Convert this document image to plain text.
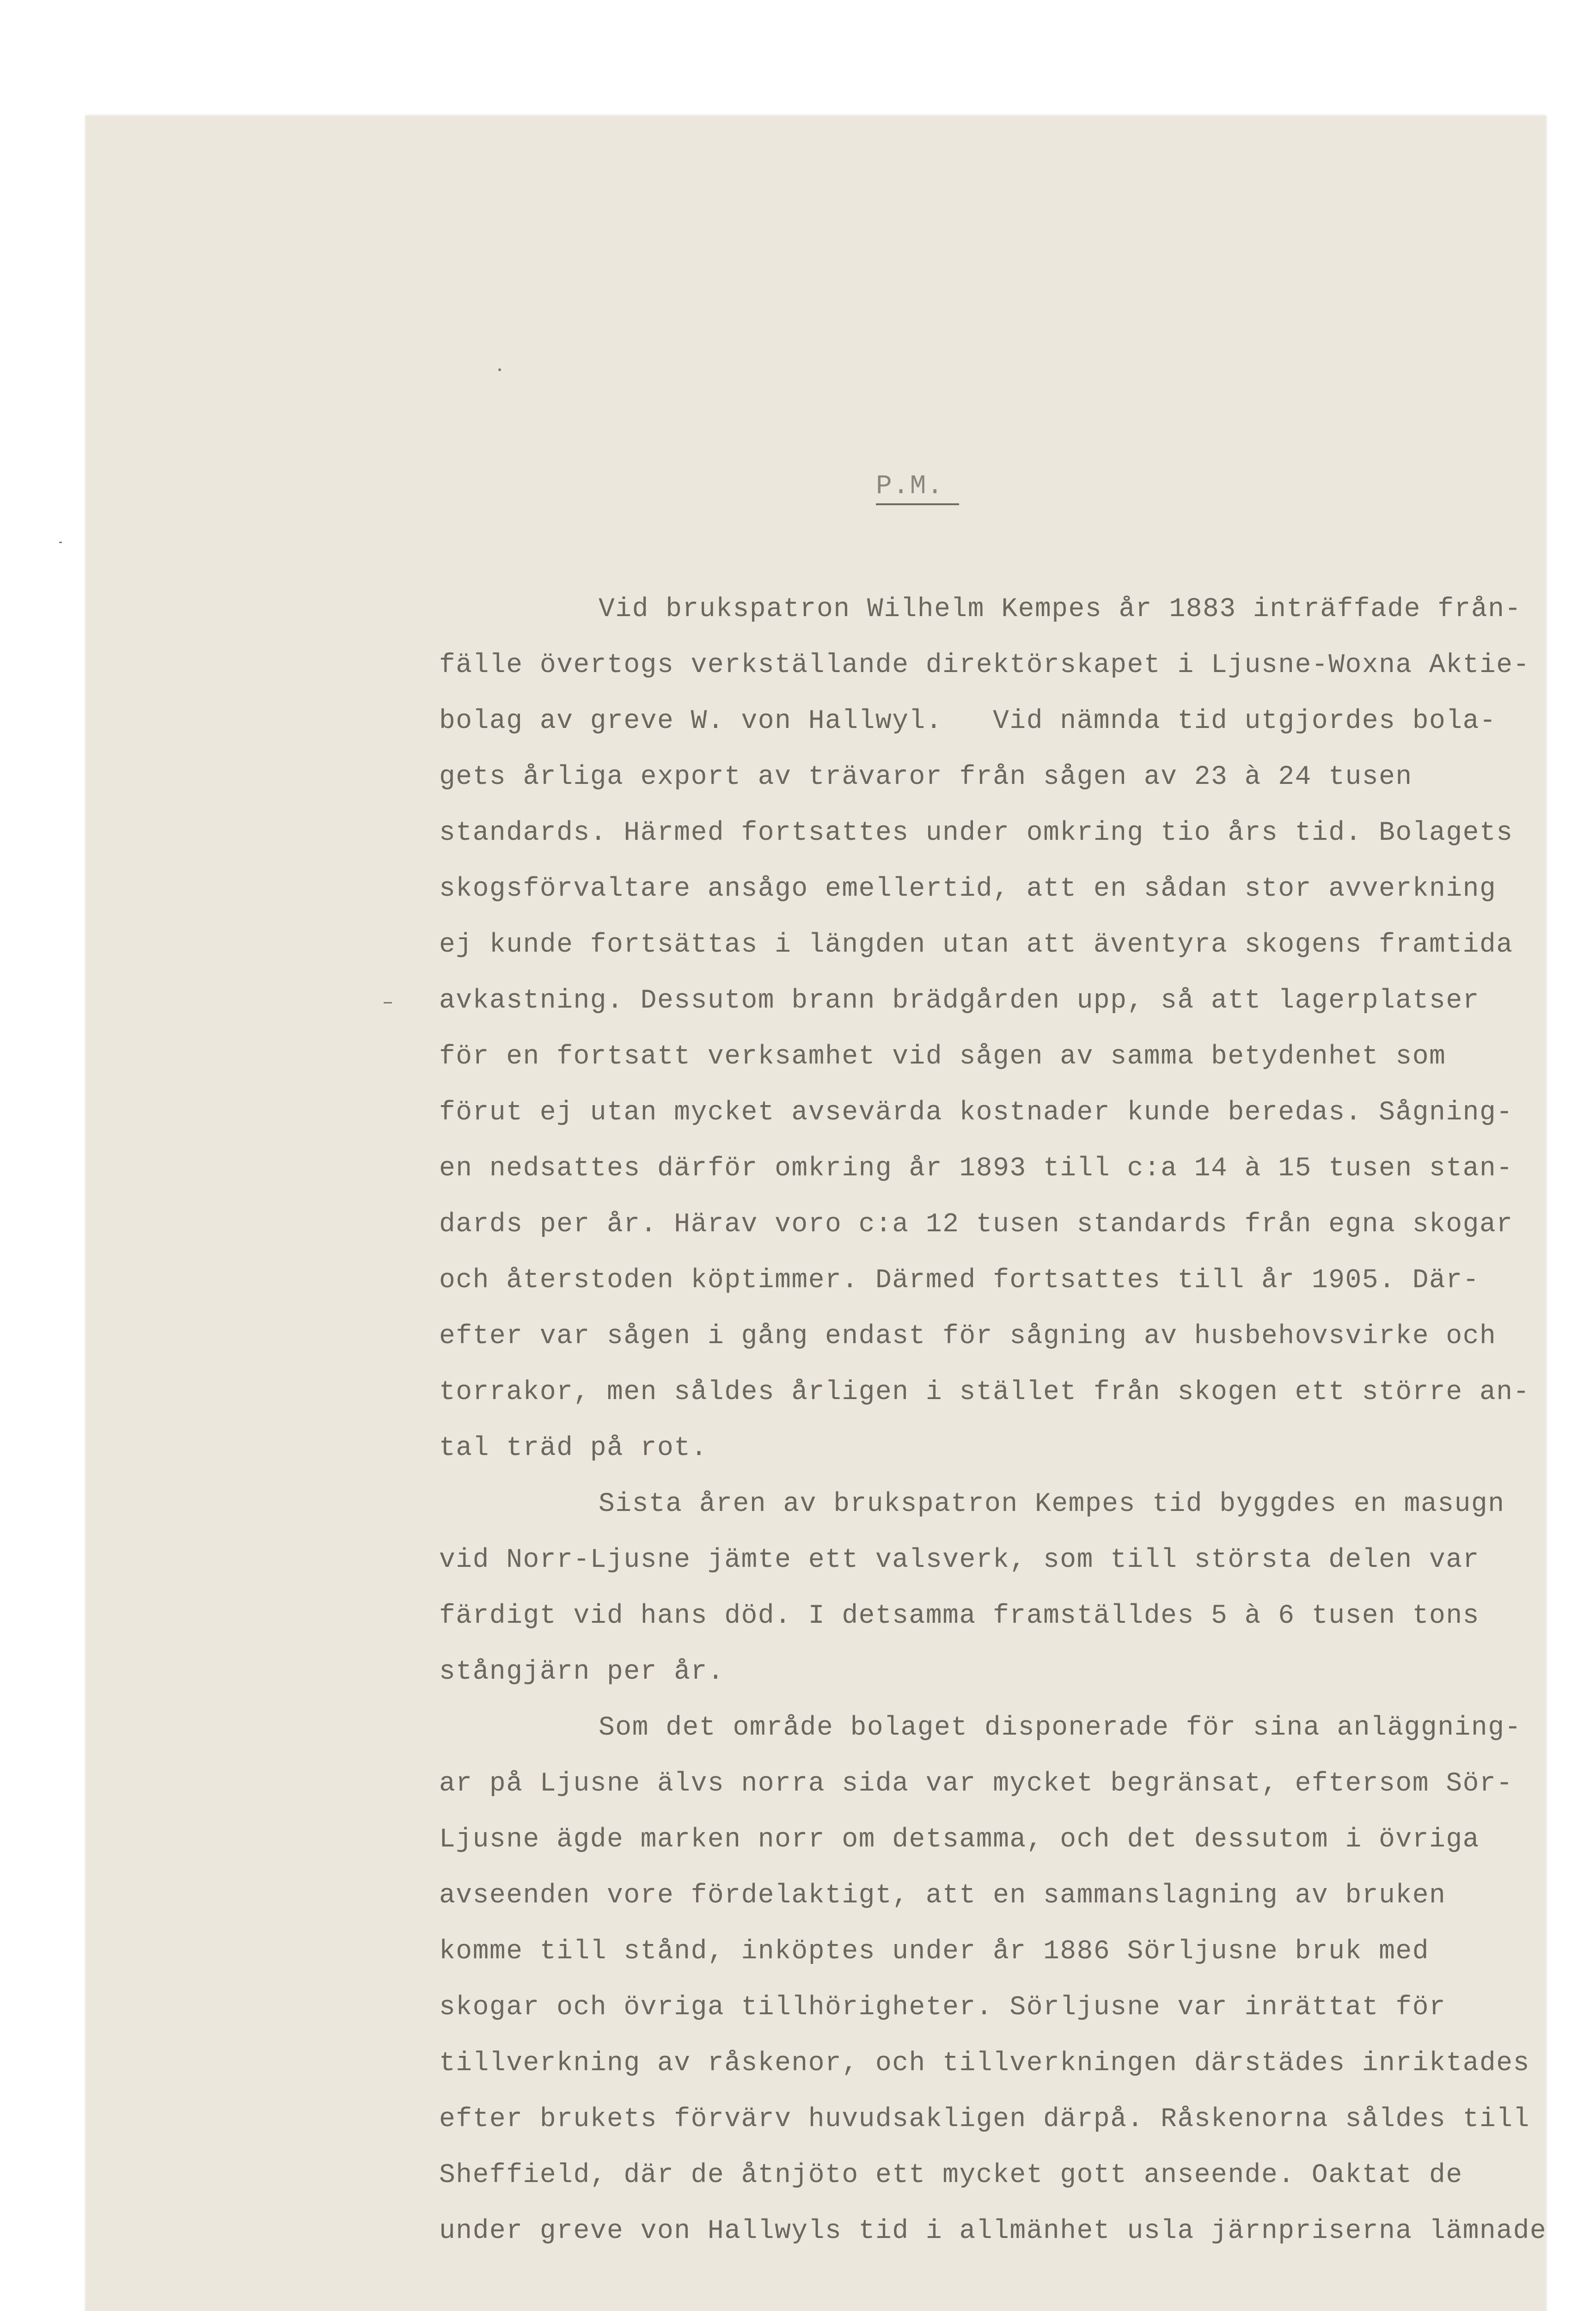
P.M.
Vid brukspatron Wilhelm Kempes år 1883 inträffade från-
fälle övertogs verkställande direktörskapet i Ljusne-Woxna Aktie-
bolag av greve W. von Hallwyl.   Vid nämnda tid utgjordes bola-
gets årliga export av trävaror från sågen av 23 à 24 tusen
standards. Härmed fortsattes under omkring tio års tid. Bolagets
skogsförvaltare ansågo emellertid, att en sådan stor avverkning
ej kunde fortsättas i längden utan att äventyra skogens framtida
avkastning. Dessutom brann brädgården upp, så att lagerplatser
för en fortsatt verksamhet vid sågen av samma betydenhet som
förut ej utan mycket avsevärda kostnader kunde beredas. Sågning-
en nedsattes därför omkring år 1893 till c:a 14 à 15 tusen stan-
dards per år. Härav voro c:a 12 tusen standards från egna skogar
och återstoden köptimmer. Därmed fortsattes till år 1905. Där-
efter var sågen i gång endast för sågning av husbehovsvirke och
torrakor, men såldes årligen i stället från skogen ett större an-
tal träd på rot.
Sista åren av brukspatron Kempes tid byggdes en masugn
vid Norr-Ljusne jämte ett valsverk, som till största delen var
färdigt vid hans död. I detsamma framställdes 5 à 6 tusen tons
stångjärn per år.
Som det område bolaget disponerade för sina anläggning-
ar på Ljusne älvs norra sida var mycket begränsat, eftersom Sör-
Ljusne ägde marken norr om detsamma, och det dessutom i övriga
avseenden vore fördelaktigt, att en sammanslagning av bruken
komme till stånd, inköptes under år 1886 Sörljusne bruk med
skogar och övriga tillhörigheter. Sörljusne var inrättat för
tillverkning av råskenor, och tillverkningen därstädes inriktades
efter brukets förvärv huvudsakligen därpå. Råskenorna såldes till
Sheffield, där de åtnjöto ett mycket gott anseende. Oaktat de
under greve von Hallwyls tid i allmänhet usla järnpriserna lämnade
